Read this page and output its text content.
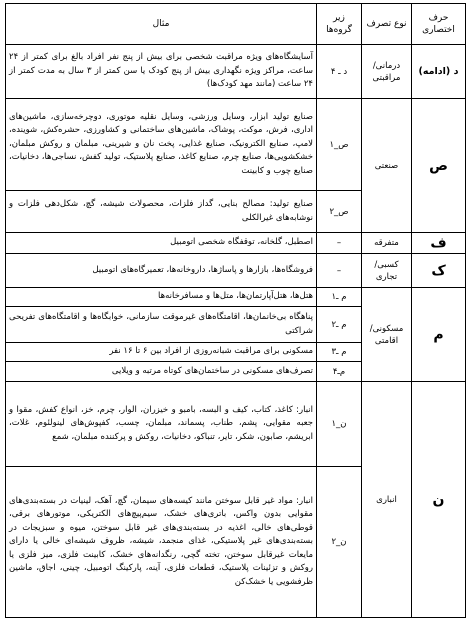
حرف اختصاری	نوع تصرف	زیر گروه‌ها	مثال
د (ادامه)	درمانی/ مراقبتی	د ـ ۴	آسایشگاه‌های ویژه مراقبت شخصی برای بیش از پنج نفر افراد بالغ برای کمتر از ۲۴ ساعت، مراکز ویژه نگهداری بیش از پنج کودک یا سن کمتر از ۳ سال به مدت کمتر از ۲۴ ساعت (مانند مهد کودک‌ها)
ص	صنعتی	ص_۱	صنایع تولید ابزار، وسایل ورزشی، وسایل نقلیه موتوری، دوچرخه‌سازی، ماشین‌های اداری، فرش، موکت، پوشاک، ماشین‌های ساختمانی و کشاورزی، حشره‌کش، شوینده، لامپ، صنایع الکترونیک، صنایع غذایی، پخت نان و شیرینی، مبلمان و روکش مبلمان، خشکشویی‌ها، صنایع چرم، صنایع کاغذ، صنایع پلاستیک، تولید کفش، نساجی‌ها، دخانیات، صنایع چوب و کابینت
		ص_۲	صنایع تولید: مصالح بنایی، گداز فلزات، محصولات شیشه، گچ، شکل‌دهی فلزات و نوشابه‌های غیرالکلی
ف	متفرقه	–	اصطبل، گلخانه، توقفگاه شخصی اتومبیل
ک	کسبی/ تجاری	–	فروشگاه‌ها، بازارها و پاساژها، داروخانه‌ها، تعمیرگاه‌های اتومبیل
م	مسکونی/ اقامتی	م ـ۱	هتل‌ها، هتل‌آپارتمان‌ها، متل‌ها و مسافرخانه‌ها
		م ـ۲	پناهگاه بی‌خانمان‌ها، اقامتگاه‌های غیرموقت سازمانی، خوابگاه‌ها و اقامتگاه‌های تفریحی شراکتی
		م ـ۳	مسکونی برای مراقبت شبانه‌روزی از افراد بین ۶ تا ۱۶ نفر
		م‌ـ۴	تصرف‌های مسکونی در ساختمان‌های کوتاه مرتبه و ویلایی
ن	انباری	ن_۱	انبار: کاغذ، کتاب، کیف و البسه، بامبو و خیزران، الوار، چرم، خز، انواع کفش، مقوا و جعبه مقوایی، پشم، طناب، پسماند، مبلمان، چسب، کفپوش‌های لینولئوم، غلات، ابریشم، صابون، شکر، تایر، تنباکو، دخانیات، روکش و پرکننده مبلمان، شمع
		ن_۲	انبار: مواد غیر قابل سوختن مانند کیسه‌های سیمان، گچ، آهک، لینیات در بسته‌بندی‌های مقوایی بدون واکس، باتری‌های خشک، سیم‌پیچ‌های الکتریکی، موتورهای برقی، قوطی‌های خالی، اغذیه در بسته‌بندی‌های غیر قابل سوختن، میوه و سبزیجات در بسته‌بندی‌های غیر پلاستیکی، غذای منجمد، شیشه، ظروف شیشه‌ای خالی یا دارای مایعات غیرقابل سوختن، تخته گچی، رنگدانه‌های خشک، کابینت فلزی، میز فلزی یا روکش و تزئینات پلاستیک، قطعات فلزی، آینه، پارکینگ اتومبیل، چینی، اجاق، ماشین ظرفشویی یا خشک‌کن
